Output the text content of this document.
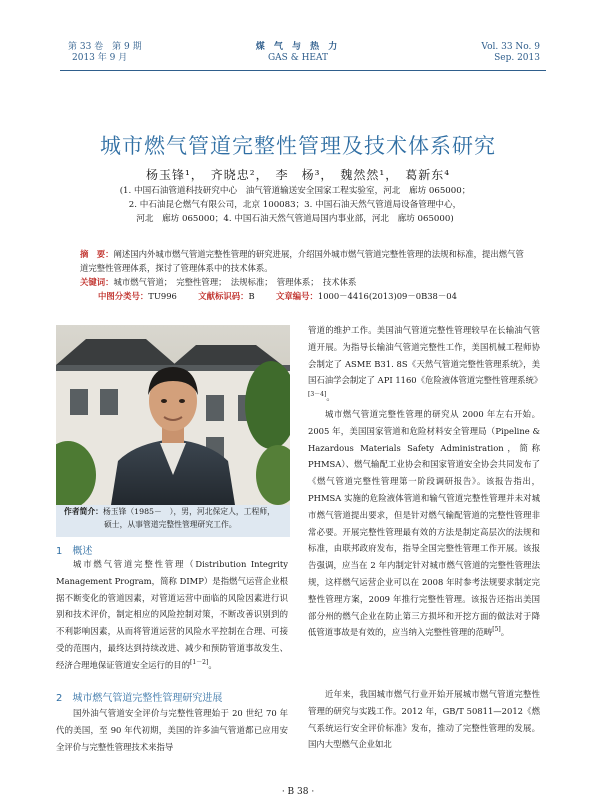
第 33 卷　第 9 期
2013 年 9 月
煤 气 与 热 力
GAS & HEAT
Vol. 33 No. 9
Sep. 2013
城市燃气管道完整性管理及技术体系研究
杨玉锋¹，　齐晓忠²，　李　杨³，　魏然然¹，　葛新东⁴
(1. 中国石油管道科技研究中心　油气管道输送安全国家工程实验室，河北　廊坊 065000；
2. 中石油昆仑燃气有限公司，北京 100083；3. 中国石油天然气管道局设备管理中心，
河北　廊坊 065000；4. 中国石油天然气管道局国内事业部，河北　廊坊 065000)
摘　要：阐述国内外城市燃气管道完整性管理的研究进展，介绍国外城市燃气管道完整性管理的法规和标准，提出燃气管道完整性管理体系，探讨了管理体系中的技术体系。
关键词：城市燃气管道；　完整性管理；　法规标准；　管理体系；　技术体系
中图分类号：TU996	文献标识码：B	文章编号：1000－4416(2013)09－0B38－04
作者简介：杨玉锋（1985－　），男，河北保定人，工程师，
硕士，从事管道完整性管理研究工作。
1　概述
城市燃气管道完整性管理（Distribution Integrity Management Program，简称 DIMP）是指燃气运营企业根据不断变化的管道因素，对管道运营中面临的风险因素进行识别和技术评价，制定相应的风险控制对策，不断改善识别到的不利影响因素，从而将管道运营的风险水平控制在合理、可接受的范围内，最终达到持续改进、减少和预防管道事故发生、经济合理地保证管道安全运行的目的[1－2]。
2　城市燃气管道完整性管理研究进展
国外油气管道安全评价与完整性管理始于 20 世纪 70 年代的美国，至 90 年代初期，美国的许多油气管道都已应用安全评价与完整性管理技术来指导
管道的维护工作。美国油气管道完整性管理较早在长输油气管道开展。为指导长输油气管道完整性工作，美国机械工程师协会制定了 ASME B31. 8S《天然气管道完整性管理系统》，美国石油学会制定了 API 1160《危险液体管道完整性管理系统》[3－4]。
城市燃气管道完整性管理的研究从 2000 年左右开始。2005 年，美国国家管道和危险材料安全管理局（Pipeline & Hazardous Materials Safety Administration，简称 PHMSA）、燃气输配工业协会和国家管道安全协会共同发布了《燃气管道完整性管理第一阶段调研报告》。该报告指出，PHMSA 实施的危险液体管道和输气管道完整性管理并未对城市燃气管道提出要求，但是针对燃气输配管道的完整性管理非常必要。开展完整性管理最有效的方法是制定高层次的法规和标准，由联邦政府发布，指导全国完整性管理工作开展。该报告强调，应当在 2 年内制定针对城市燃气管道的完整性管理法规，这样燃气运营企业可以在 2008 年时参考法规要求制定完整性管理方案，2009 年推行完整性管理。该报告还指出美国部分州的燃气企业在防止第三方损坏和开挖方面的做法对于降低管道事故是有效的，应当纳入完整性管理的范畴[5]。
近年来，我国城市燃气行业开始开展城市燃气管道完整性管理的研究与实践工作。2012 年，GB/T 50811—2012《燃气系统运行安全评价标准》发布，推动了完整性管理的发展。国内大型燃气企业如北
· B 38 ·
